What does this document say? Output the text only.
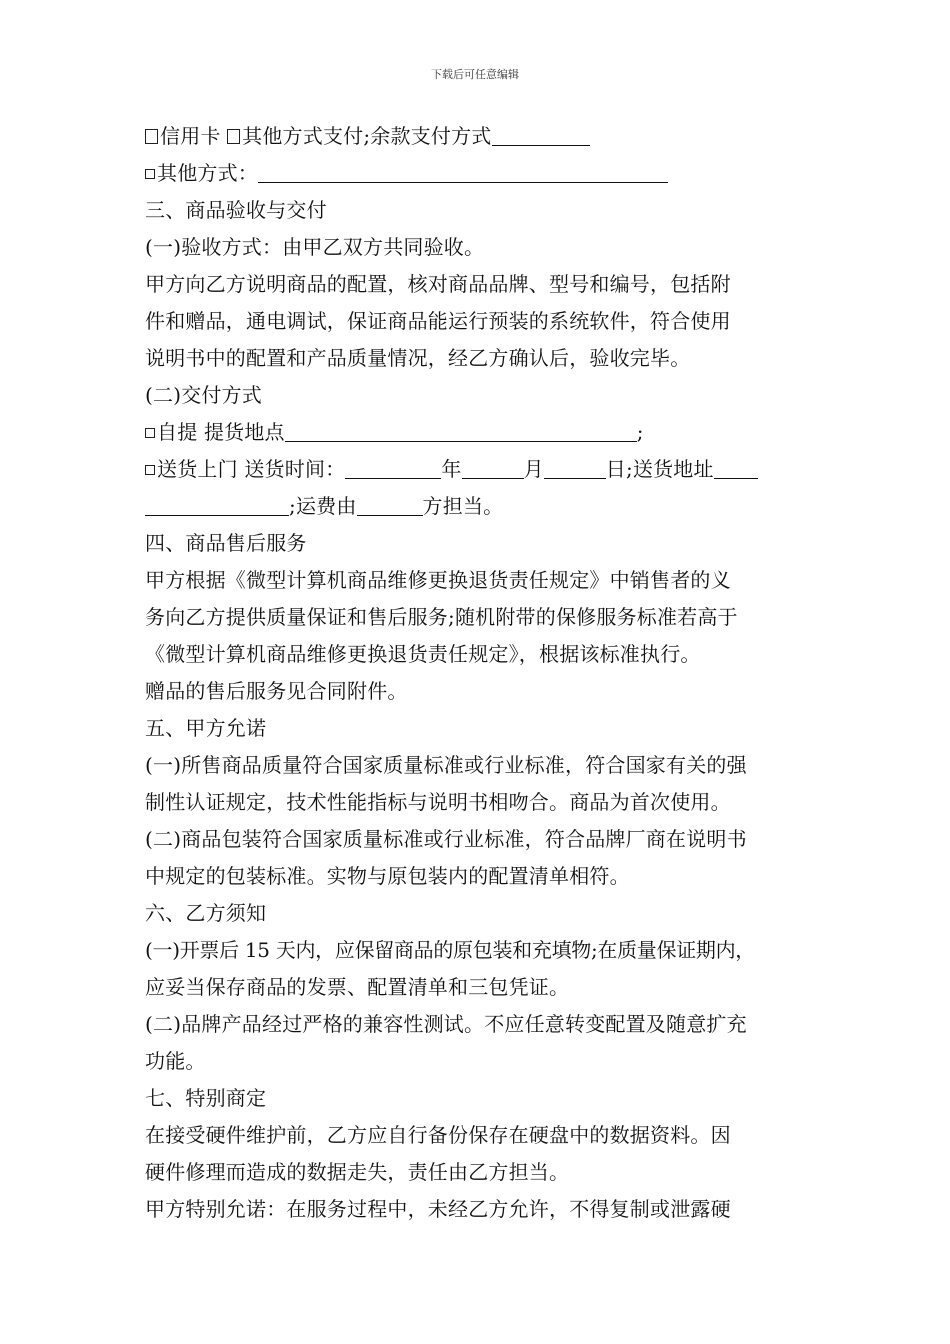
下载后可任意编辑
信用卡 其他方式支付;余款支付方式
其他方式：
三、商品验收与交付
(一)验收方式：由甲乙双方共同验收。
甲方向乙方说明商品的配置，核对商品品牌、型号和编号，包括附
件和赠品，通电调试，保证商品能运行预装的系统软件，符合使用
说明书中的配置和产品质量情况，经乙方确认后，验收完毕。
(二)交付方式
自提 提货地点	;
送货上门 送货时间：	年	月	日;送货地址
;运费由	方担当。
四、商品售后服务
甲方根据《微型计算机商品维修更换退货责任规定》中销售者的义
务向乙方提供质量保证和售后服务;随机附带的保修服务标准若高于
《微型计算机商品维修更换退货责任规定》，根据该标准执行。
赠品的售后服务见合同附件。
五、甲方允诺
(一)所售商品质量符合国家质量标准或行业标准，符合国家有关的强
制性认证规定，技术性能指标与说明书相吻合。商品为首次使用。
(二)商品包装符合国家质量标准或行业标准，符合品牌厂商在说明书
中规定的包装标准。实物与原包装内的配置清单相符。
六、乙方须知
(一)开票后 15 天内，应保留商品的原包装和充填物;在质量保证期内，
应妥当保存商品的发票、配置清单和三包凭证。
(二)品牌产品经过严格的兼容性测试。不应任意转变配置及随意扩充
功能。
七、特别商定
在接受硬件维护前，乙方应自行备份保存在硬盘中的数据资料。因
硬件修理而造成的数据走失，责任由乙方担当。
甲方特别允诺：在服务过程中，未经乙方允许，不得复制或泄露硬
